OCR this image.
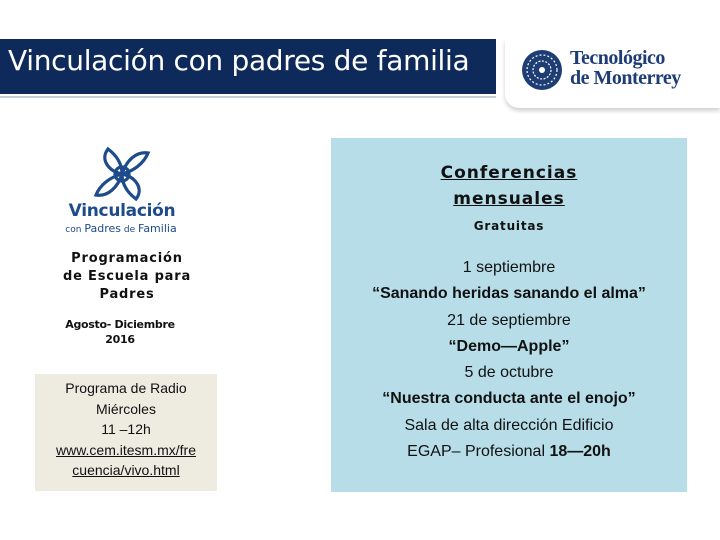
Vinculación con padres de familia	Tecnológico
de Monterrey
Vinculación
con Padres de Familia
Programación
de Escuela para
Padres
Agosto- Diciembre
2016
Programa de Radio
Miércoles
11 –12h
www.cem.itesm.mx/fre
cuencia/vivo.html
Conferencias
mensuales
Gratuitas
1 septiembre
“Sanando heridas sanando el alma”
21 de septiembre
“Demo—Apple”
5 de octubre
“Nuestra conducta ante el enojo”
Sala de alta dirección Edificio
EGAP– Profesional 18—20h
